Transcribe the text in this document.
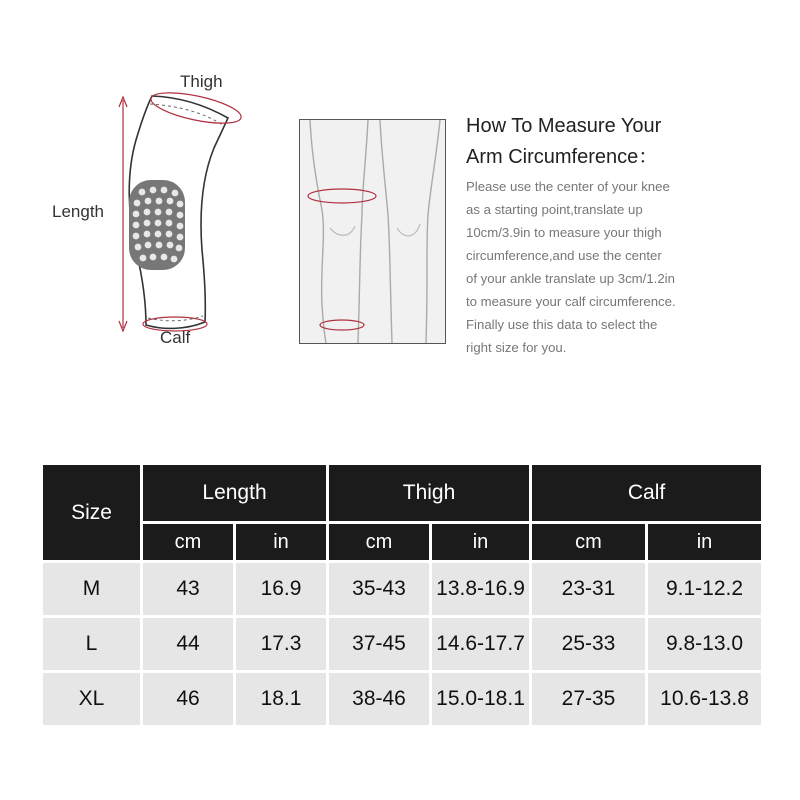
Thigh
Length
Calf
How To Measure Your
Arm Circumference：
Please use the center of your knee
as a starting point,translate up
10cm/3.9in to measure your thigh
circumference,and use the center
of your ankle translate up 3cm/1.2in
to measure your calf circumference.
Finally use this data to select the
right size for you.
Size	Length		Thigh		Calf	
	cm	in	cm	in	cm	in
M	43	16.9	35-43	13.8-16.9	23-31	9.1-12.2
L	44	17.3	37-45	14.6-17.7	25-33	9.8-13.0
XL	46	18.1	38-46	15.0-18.1	27-35	10.6-13.8
